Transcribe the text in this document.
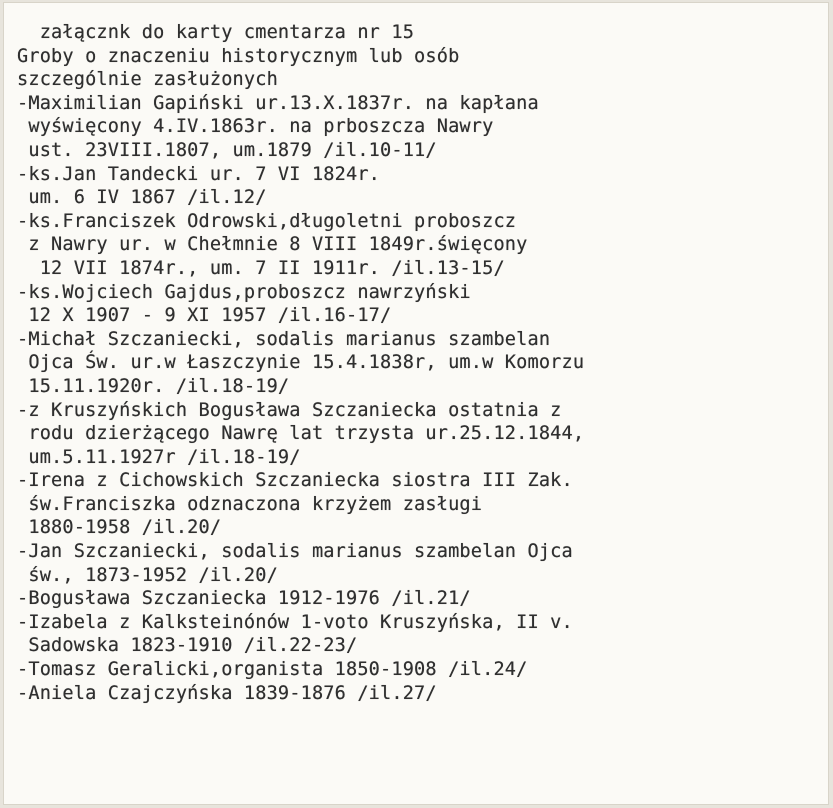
załącznk do karty cmentarza nr 15
Groby o znaczeniu historycznym lub osób
szczególnie zasłużonych
-Maximilian Gapiński ur.13.X.1837r. na kapłana
wyświęcony 4.IV.1863r. na prboszcza Nawry
ust. 23VIII.1807, um.1879 /il.10-11/
-ks.Jan Tandecki ur. 7 VI 1824r.
um. 6 IV 1867 /il.12/
-ks.Franciszek Odrowski,długoletni proboszcz
z Nawry ur. w Chełmnie 8 VIII 1849r.święcony
12 VII 1874r., um. 7 II 1911r. /il.13-15/
-ks.Wojciech Gajdus,proboszcz nawrzyński
12 X 1907 - 9 XI 1957 /il.16-17/
-Michał Szczaniecki, sodalis marianus szambelan
Ojca Św. ur.w Łaszczynie 15.4.1838r, um.w Komorzu
15.11.1920r. /il.18-19/
-z Kruszyńskich Bogusława Szczaniecka ostatnia z
rodu dzierżącego Nawrę lat trzysta ur.25.12.1844,
um.5.11.1927r /il.18-19/
-Irena z Cichowskich Szczaniecka siostra III Zak.
św.Franciszka odznaczona krzyżem zasługi
1880-1958 /il.20/
-Jan Szczaniecki, sodalis marianus szambelan Ojca
św., 1873-1952 /il.20/
-Bogusława Szczaniecka 1912-1976 /il.21/
-Izabela z Kalksteinónów 1-voto Kruszyńska, II v.
Sadowska 1823-1910 /il.22-23/
-Tomasz Geralicki,organista 1850-1908 /il.24/
-Aniela Czajczyńska 1839-1876 /il.27/
